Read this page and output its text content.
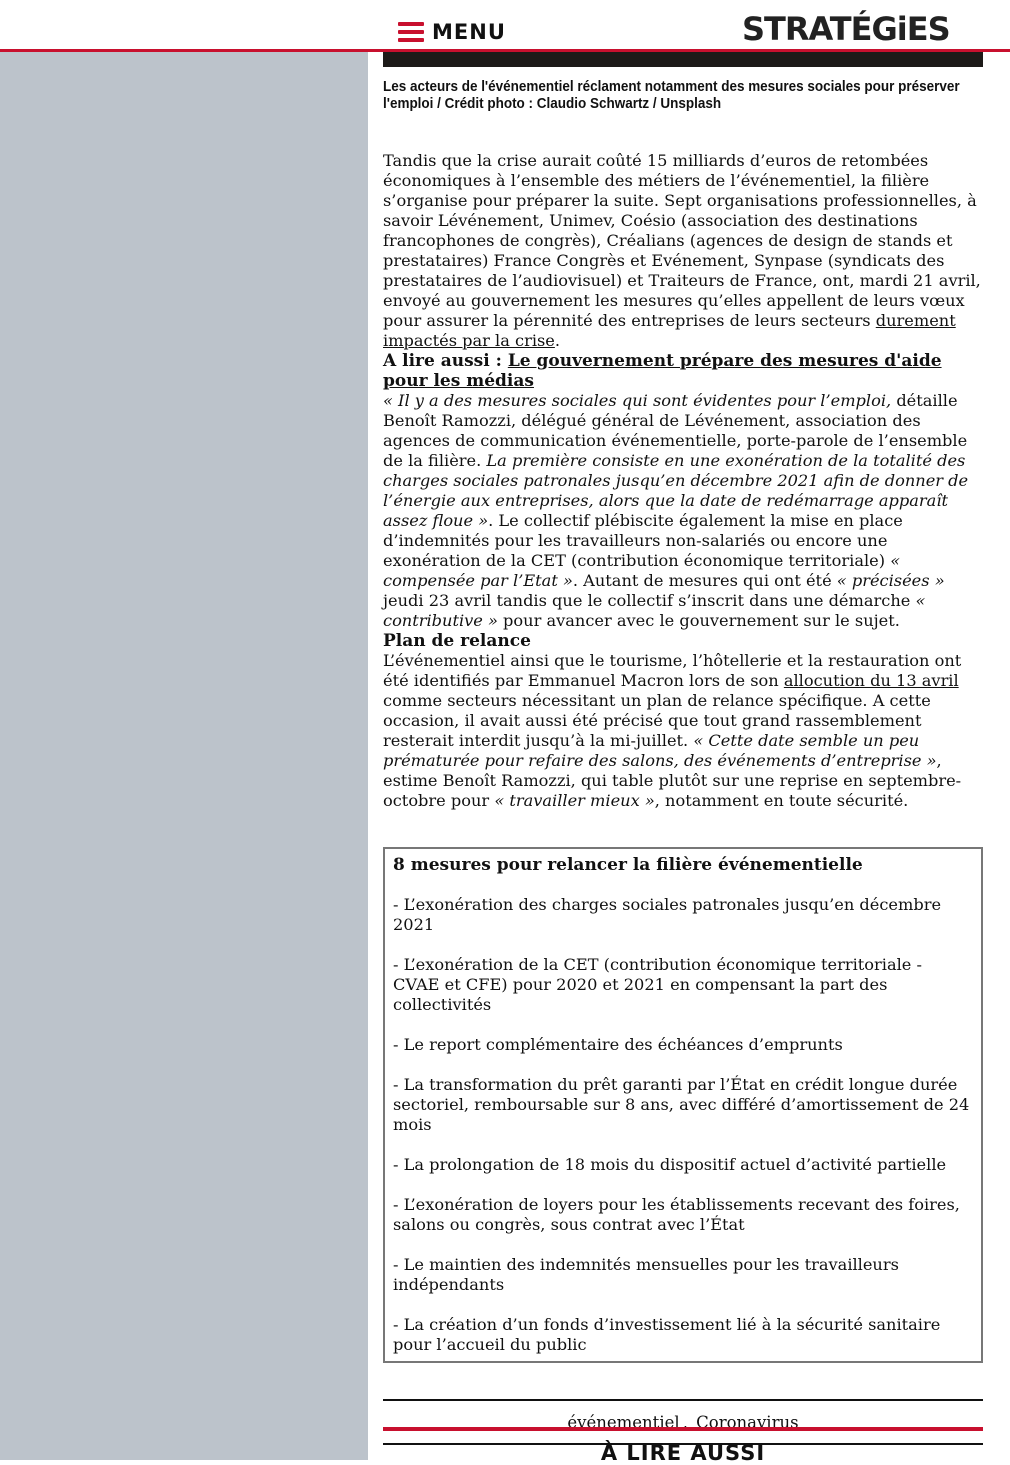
MENU	STRATÉGiES
Les acteurs de l'événementiel réclament notamment des mesures sociales pour préserver l'emploi / Crédit photo : Claudio Schwartz / Unsplash

Tandis que la crise aurait coûté 15 milliards d’euros de retombées économiques à l’ensemble des métiers de l’événementiel, la filière s’organise pour préparer la suite. Sept organisations professionnelles, à savoir Lévénement, Unimev, Coésio (association des destinations francophones de congrès), Créalians (agences de design de stands et prestataires) France Congrès et Evénement, Synpase (syndicats des prestataires de l’audiovisuel) et Traiteurs de France, ont, mardi 21 avril, envoyé au gouvernement les mesures qu’elles appellent de leurs vœux pour assurer la pérennité des entreprises de leurs secteurs durement impactés par la crise.

A lire aussi : Le gouvernement prépare des mesures d'aide pour les médias

« Il y a des mesures sociales qui sont évidentes pour l’emploi, détaille Benoît Ramozzi, délégué général de Lévénement, association des agences de communication événementielle, porte-parole de l’ensemble de la filière. La première consiste en une exonération de la totalité des charges sociales patronales jusqu’en décembre 2021 afin de donner de l’énergie aux entreprises, alors que la date de redémarrage apparaît assez floue ». Le collectif plébiscite également la mise en place d’indemnités pour les travailleurs non-salariés ou encore une exonération de la CET (contribution économique territoriale) « compensée par l’Etat ». Autant de mesures qui ont été « précisées » jeudi 23 avril tandis que le collectif s’inscrit dans une démarche « contributive » pour avancer avec le gouvernement sur le sujet.

Plan de relance

L’événementiel ainsi que le tourisme, l’hôtellerie et la restauration ont été identifiés par Emmanuel Macron lors de son allocution du 13 avril comme secteurs nécessitant un plan de relance spécifique. A cette occasion, il avait aussi été précisé que tout grand rassemblement resterait interdit jusqu’à la mi-juillet. « Cette date semble un peu prématurée pour refaire des salons, des événements d’entreprise », estime Benoît Ramozzi, qui table plutôt sur une reprise en septembre-octobre pour « travailler mieux », notamment en toute sécurité.

8 mesures pour relancer la filière événementielle
- L’exonération des charges sociales patronales jusqu’en décembre 2021
- L’exonération de la CET (contribution économique territoriale - CVAE et CFE) pour 2020 et 2021 en compensant la part des collectivités
- Le report complémentaire des échéances d’emprunts
- La transformation du prêt garanti par l’État en crédit longue durée sectoriel, remboursable sur 8 ans, avec différé d’amortissement de 24 mois
- La prolongation de 18 mois du dispositif actuel d’activité partielle
- L’exonération de loyers pour les établissements recevant des foires, salons ou congrès, sous contrat avec l’État
- Le maintien des indemnités mensuelles pour les travailleurs indépendants
- La création d’un fonds d’investissement lié à la sécurité sanitaire pour l’accueil du public
événementiel ,
Coronavirus
À LIRE AUSSI
